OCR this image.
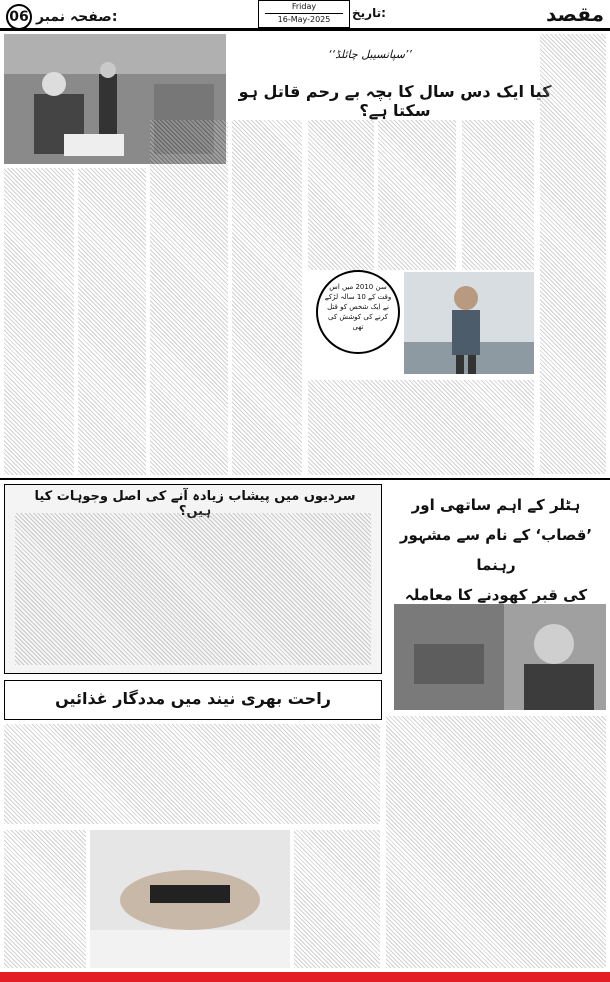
مقصد
تاریخ:
Friday
16-May-2025
06 صفحہ نمبر:
’’سپانسیبل چائلڈ‘‘
کیا ایک دس سال کا بچہ بے رحم قاتل ہو سکتا ہے؟
سن 2010 میں اس وقت کے 10 سالہ لڑکے نے ایک شخص کو قتل کرنے کی کوشش کی تھی
سردیوں میں پیشاب زیادہ آنے کی اصل وجوہات کیا ہیں؟	ہٹلر کے اہم ساتھی اور
’قصاب‘ کے نام سے مشہور رہنما
کی قبر کھودنے کا معاملہ
راحت بھری نیند میں مددگار غذائیں
